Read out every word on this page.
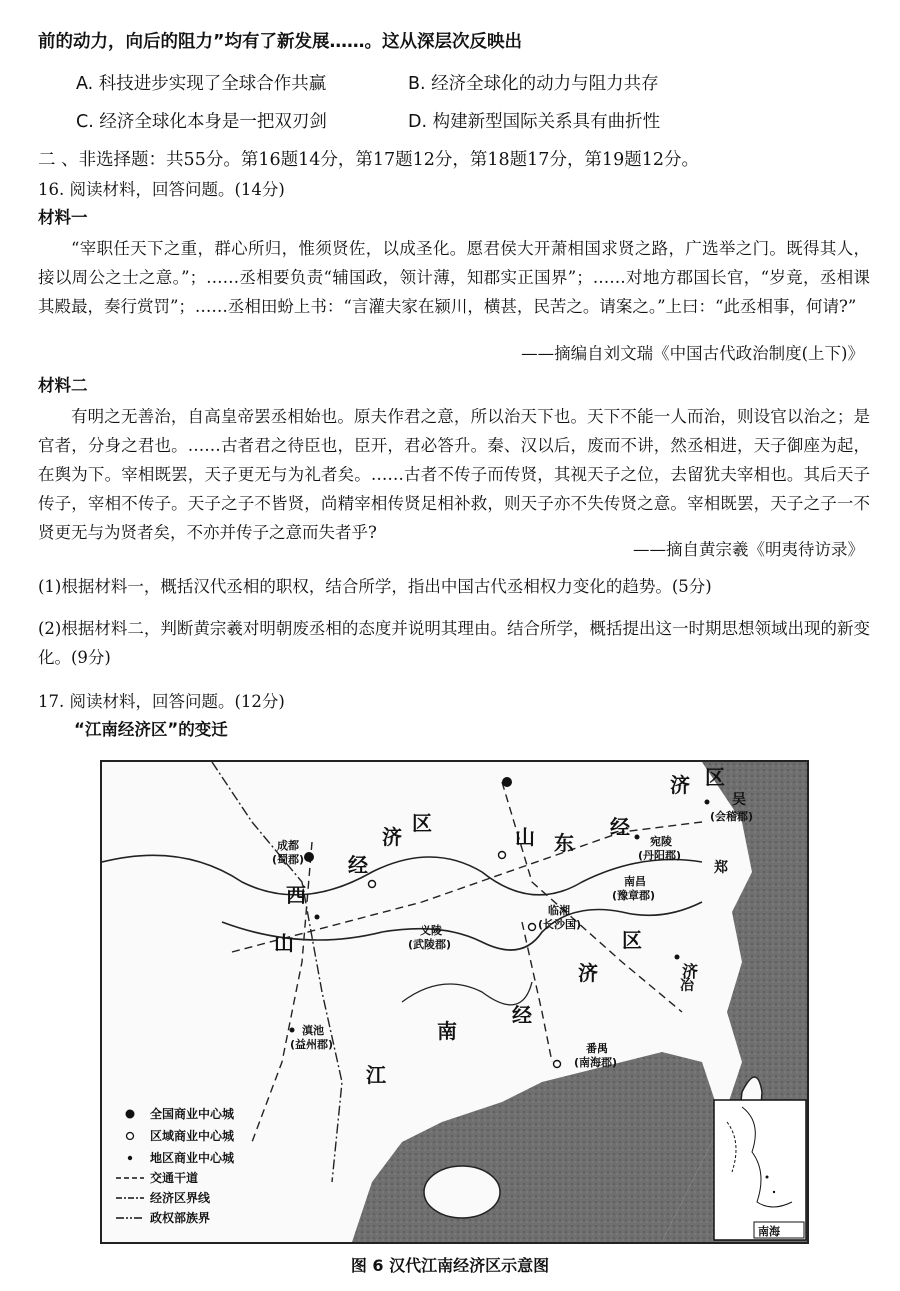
前的动力，向后的阻力”均有了新发展……。这从深层次反映出
A. 科技进步实现了全球合作共赢	B. 经济全球化的动力与阻力共存
C. 经济全球化本身是一把双刃剑	D. 构建新型国际关系具有曲折性
二 、非选择题：共55分。第16题14分，第17题12分，第18题17分，第19题12分。
16. 阅读材料，回答问题。(14分)
材料一
“宰职任天下之重，群心所归，惟须贤佐，以成圣化。愿君侯大开萧相国求贤之路，广选举之门。既得其人，接以周公之士之意。”；……丞相要负责“辅国政，领计薄，知郡实正国界”；……对地方郡国长官，“岁竟，丞相课其殿最，奏行赏罚”；……丞相田蚡上书：“言灌夫家在颍川，横甚，民苦之。请案之。”上曰：“此丞相事，何请?”
——摘编自刘文瑞《中国古代政治制度(上下)》
材料二
有明之无善治，自高皇帝罢丞相始也。原夫作君之意，所以治天下也。天下不能一人而治，则设官以治之；是官者，分身之君也。……古者君之待臣也，臣开，君必答升。秦、汉以后，废而不讲，然丞相进，天子御座为起，在舆为下。宰相既罢，天子更无与为礼者矣。……古者不传子而传贤，其视天子之位，去留犹夫宰相也。其后天子传子，宰相不传子。天子之子不皆贤，尚精宰相传贤足相补救，则天子亦不失传贤之意。宰相既罢，天子之子一不贤更无与为贤者矣，不亦并传子之意而失者乎?
——摘自黄宗羲《明夷待访录》
(1)根据材料一，概括汉代丞相的职权，结合所学，指出中国古代丞相权力变化的趋势。(5分)
(2)根据材料二，判断黄宗羲对明朝废丞相的态度并说明其理由。结合所学，概括提出这一时期思想领域出现的新变化。(9分)
17. 阅读材料，回答问题。(12分)
“江南经济区”的变迁
济 区
经
东
山
济
区
西
山
经
济
区
经
济
南
江
成都
(蜀郡)
义陵
(武陵郡)
临湘
(长沙国)
宛陵
(丹阳郡)
南昌
(豫章郡)
滇池
(益州郡)	番禺
(南海郡)
吴
(会稽郡)
郑
冶
全国商业中心城
区域商业中心城
地区商业中心城
交通干道
经济区界线
政权部族界
南海
图 6 汉代江南经济区示意图
